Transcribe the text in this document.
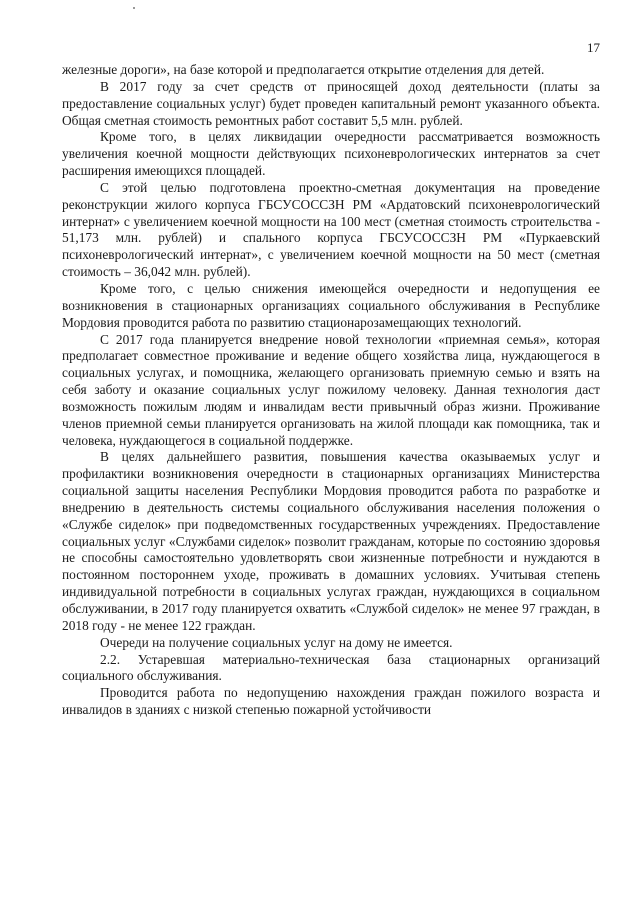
17

железные дороги», на базе которой и предполагается открытие отделения для детей.

В 2017 году за счет средств от приносящей доход деятельности (платы за предоставление социальных услуг) будет проведен капитальный ремонт указанного объекта. Общая сметная стоимость ремонтных работ составит 5,5 млн. рублей.

Кроме того, в целях ликвидации очередности рассматривается возможность увеличения коечной мощности действующих психоневрологических интернатов за счет расширения имеющихся площадей.

С этой целью подготовлена проектно-сметная документация на проведение реконструкции жилого корпуса ГБСУСОССЗН РМ «Ардатовский психоневрологический интернат» с увеличением коечной мощности на 100 мест (сметная стоимость строительства - 51,173 млн. рублей) и спального корпуса ГБСУСОССЗН РМ «Пуркаевский психоневрологический интернат», с увеличением коечной мощности на 50 мест (сметная стоимость – 36,042 млн. рублей).

Кроме того, с целью снижения имеющейся очередности и недопущения ее возникновения в стационарных организациях социального обслуживания в Республике Мордовия проводится работа по развитию стационарозамещающих технологий.

С 2017 года планируется внедрение новой технологии «приемная семья», которая предполагает совместное проживание и ведение общего хозяйства лица, нуждающегося в социальных услугах, и помощника, желающего организовать приемную семью и взять на себя заботу и оказание социальных услуг пожилому человеку. Данная технология даст возможность пожилым людям и инвалидам вести привычный образ жизни. Проживание членов приемной семьи планируется организовать на жилой площади как помощника, так и человека, нуждающегося в социальной поддержке.

В целях дальнейшего развития, повышения качества оказываемых услуг и профилактики возникновения очередности в стационарных организациях Министерства социальной защиты населения Республики Мордовия проводится работа по разработке и внедрению в деятельность системы социального обслуживания населения положения о «Службе сиделок» при подведомственных государственных учреждениях. Предоставление социальных услуг «Службами сиделок» позволит гражданам, которые по состоянию здоровья не способны самостоятельно удовлетворять свои жизненные потребности и нуждаются в постоянном постороннем уходе, проживать в домашних условиях. Учитывая степень индивидуальной потребности в социальных услугах граждан, нуждающихся в социальном обслуживании, в 2017 году планируется охватить «Службой сиделок» не менее 97 граждан, в 2018 году - не менее 122 граждан.

Очереди на получение социальных услуг на дому не имеется.

2.2. Устаревшая материально-техническая база стационарных организаций социального обслуживания.

Проводится работа по недопущению нахождения граждан пожилого возраста и инвалидов в зданиях с низкой степенью пожарной устойчивости
